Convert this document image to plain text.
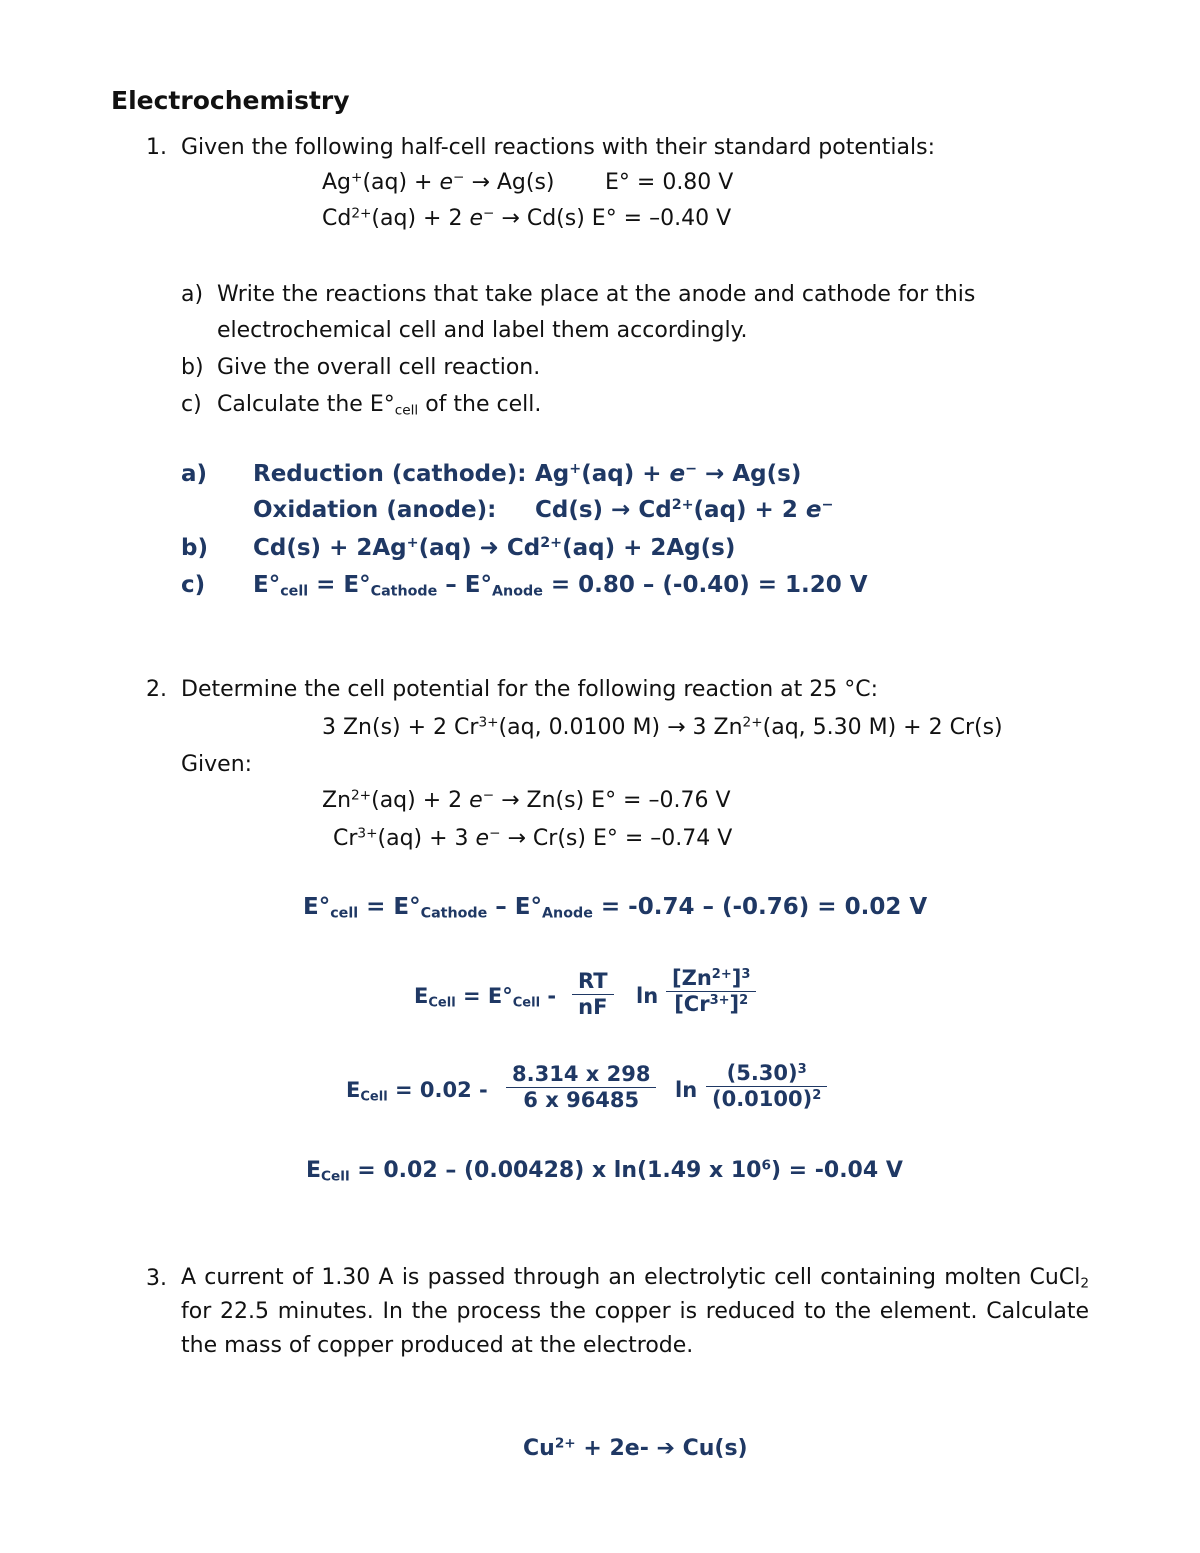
Electrochemistry
1. Given the following half-cell reactions with their standard potentials:
Ag+(aq) + e− → Ag(s) E° = 0.80 V
$Cd^{2+}(aq) + 2$ e− → Cd(s) E° = –0.40 V
a) Write the reactions that take place at the anode and cathode for this
electrochemical cell and label them accordingly.
b) Give the overall cell reaction.
c) Calculate the $E^\circ_{cell}$ of the cell.
a) Reduction (cathode): Ag+(aq) + e− → Ag(s)
Oxidation (anode): $Cd(s) \to Cd^{2+}(aq) + 2$ e−
b) Cd(s) + 2Ag+(aq) ➜ $Cd^{2+}(aq) + 2Ag(s)$
c) $E^\circ_{cell} = E^\circ_{Cathode} - E^\circ_{Anode} = 0.80 - (-0.40) = 1.20$ V
2. Determine the cell potential for the following reaction at 25 °C:
3 Zn(s) + 2 $Cr^{3+}(aq$, 0.0100 M) → 3 $Zn^{2+}(aq$, 5.30 M) + 2 Cr(s)
Given:
$Zn^{2+}(aq) + 2$ e− → Zn(s) E° = –0.76 V
$Cr^{3+}(aq) + 3$ e− → Cr(s) E° = –0.74 V
$E^\circ_{cell} = E^\circ_{Cathode} - E^\circ_{Anode} = -0.74 - (-0.76) = 0.02$ V
$E_{Cell} = E^\circ_{Cell}$ -
RT
nF ln
$[Zn^{2+}]^3$
$[Cr^{3+}]^2$
$E_{Cell} = 0.02$ -
8.314 x 298
6 x 96485 ln
$(5.30)^3$
$(0.0100)^2$
$E_{Cell} = 0.02 - (0.00428)$ x ln(1.49 x $10^6) = -0.04$ V
3. A current of 1.30 A is passed through an electrolytic cell containing molten CuCl$_2$ for 22.5 minutes. In the process the copper is reduced to the element. Calculate the mass of copper produced at the electrode.
$Cu^{2+} + 2e-$ ➔ Cu(s)
